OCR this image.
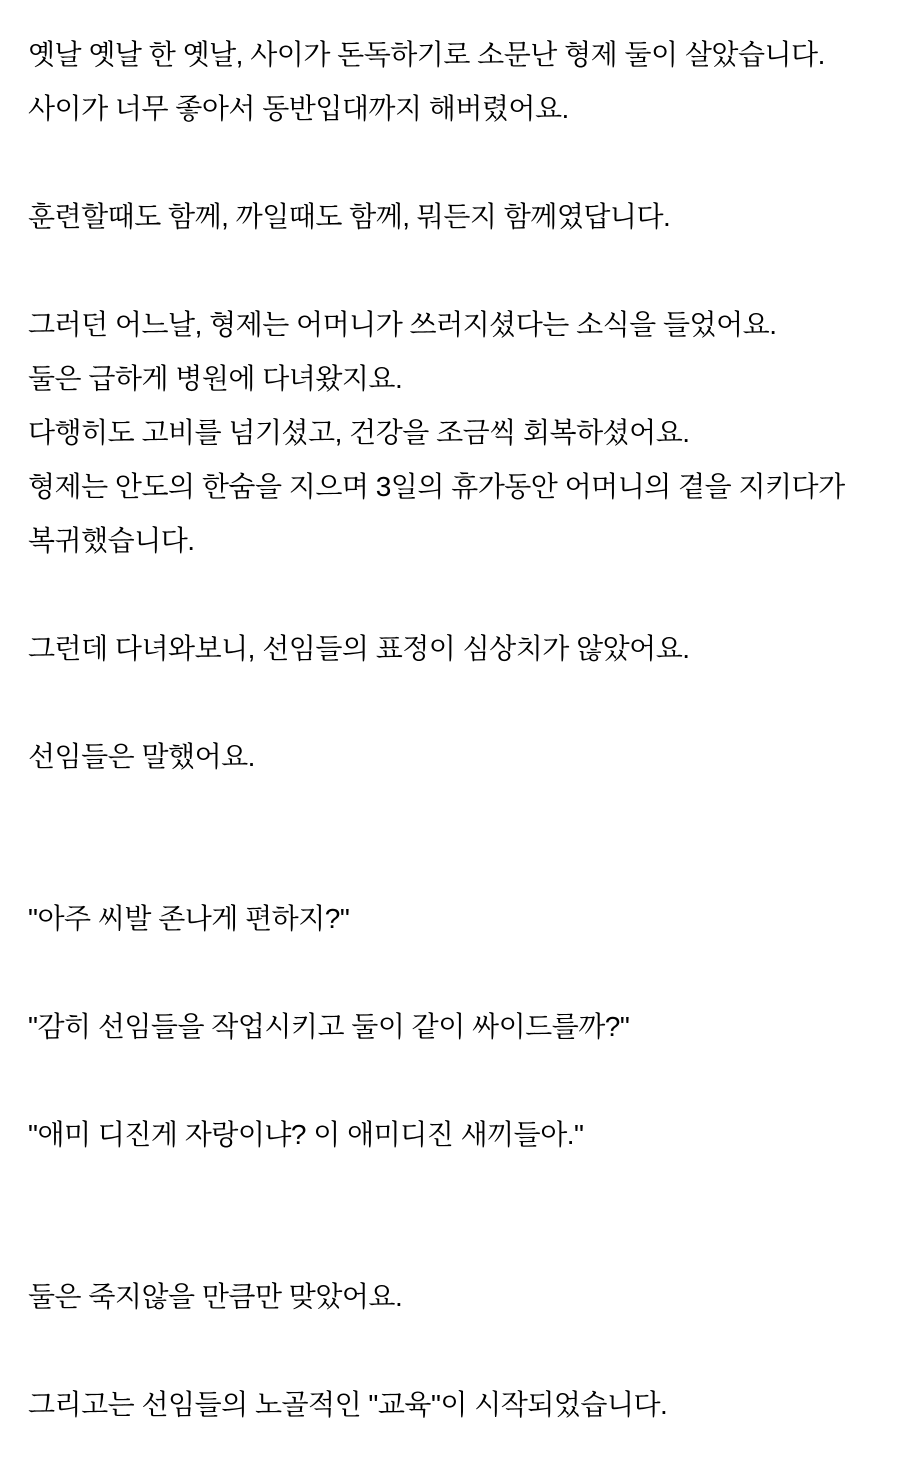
옛날 옛날 한 옛날, 사이가 돈독하기로 소문난 형제 둘이 살았습니다.
사이가 너무 좋아서 동반입대까지 해버렸어요.

훈련할때도 함께, 까일때도 함께, 뭐든지 함께였답니다.

그러던 어느날, 형제는 어머니가 쓰러지셨다는 소식을 들었어요.
둘은 급하게 병원에 다녀왔지요.
다행히도 고비를 넘기셨고, 건강을 조금씩 회복하셨어요.
형제는 안도의 한숨을 지으며 3일의 휴가동안 어머니의 곁을 지키다가
복귀했습니다.

그런데 다녀와보니, 선임들의 표정이 심상치가 않았어요.

선임들은 말했어요.

"아주 씨발 존나게 편하지?"

"감히 선임들을 작업시키고 둘이 같이 싸이드를까?"

"애미 디진게 자랑이냐? 이 애미디진 새끼들아."

둘은 죽지않을 만큼만 맞았어요.

그리고는 선임들의 노골적인 "교육"이 시작되었습니다.
